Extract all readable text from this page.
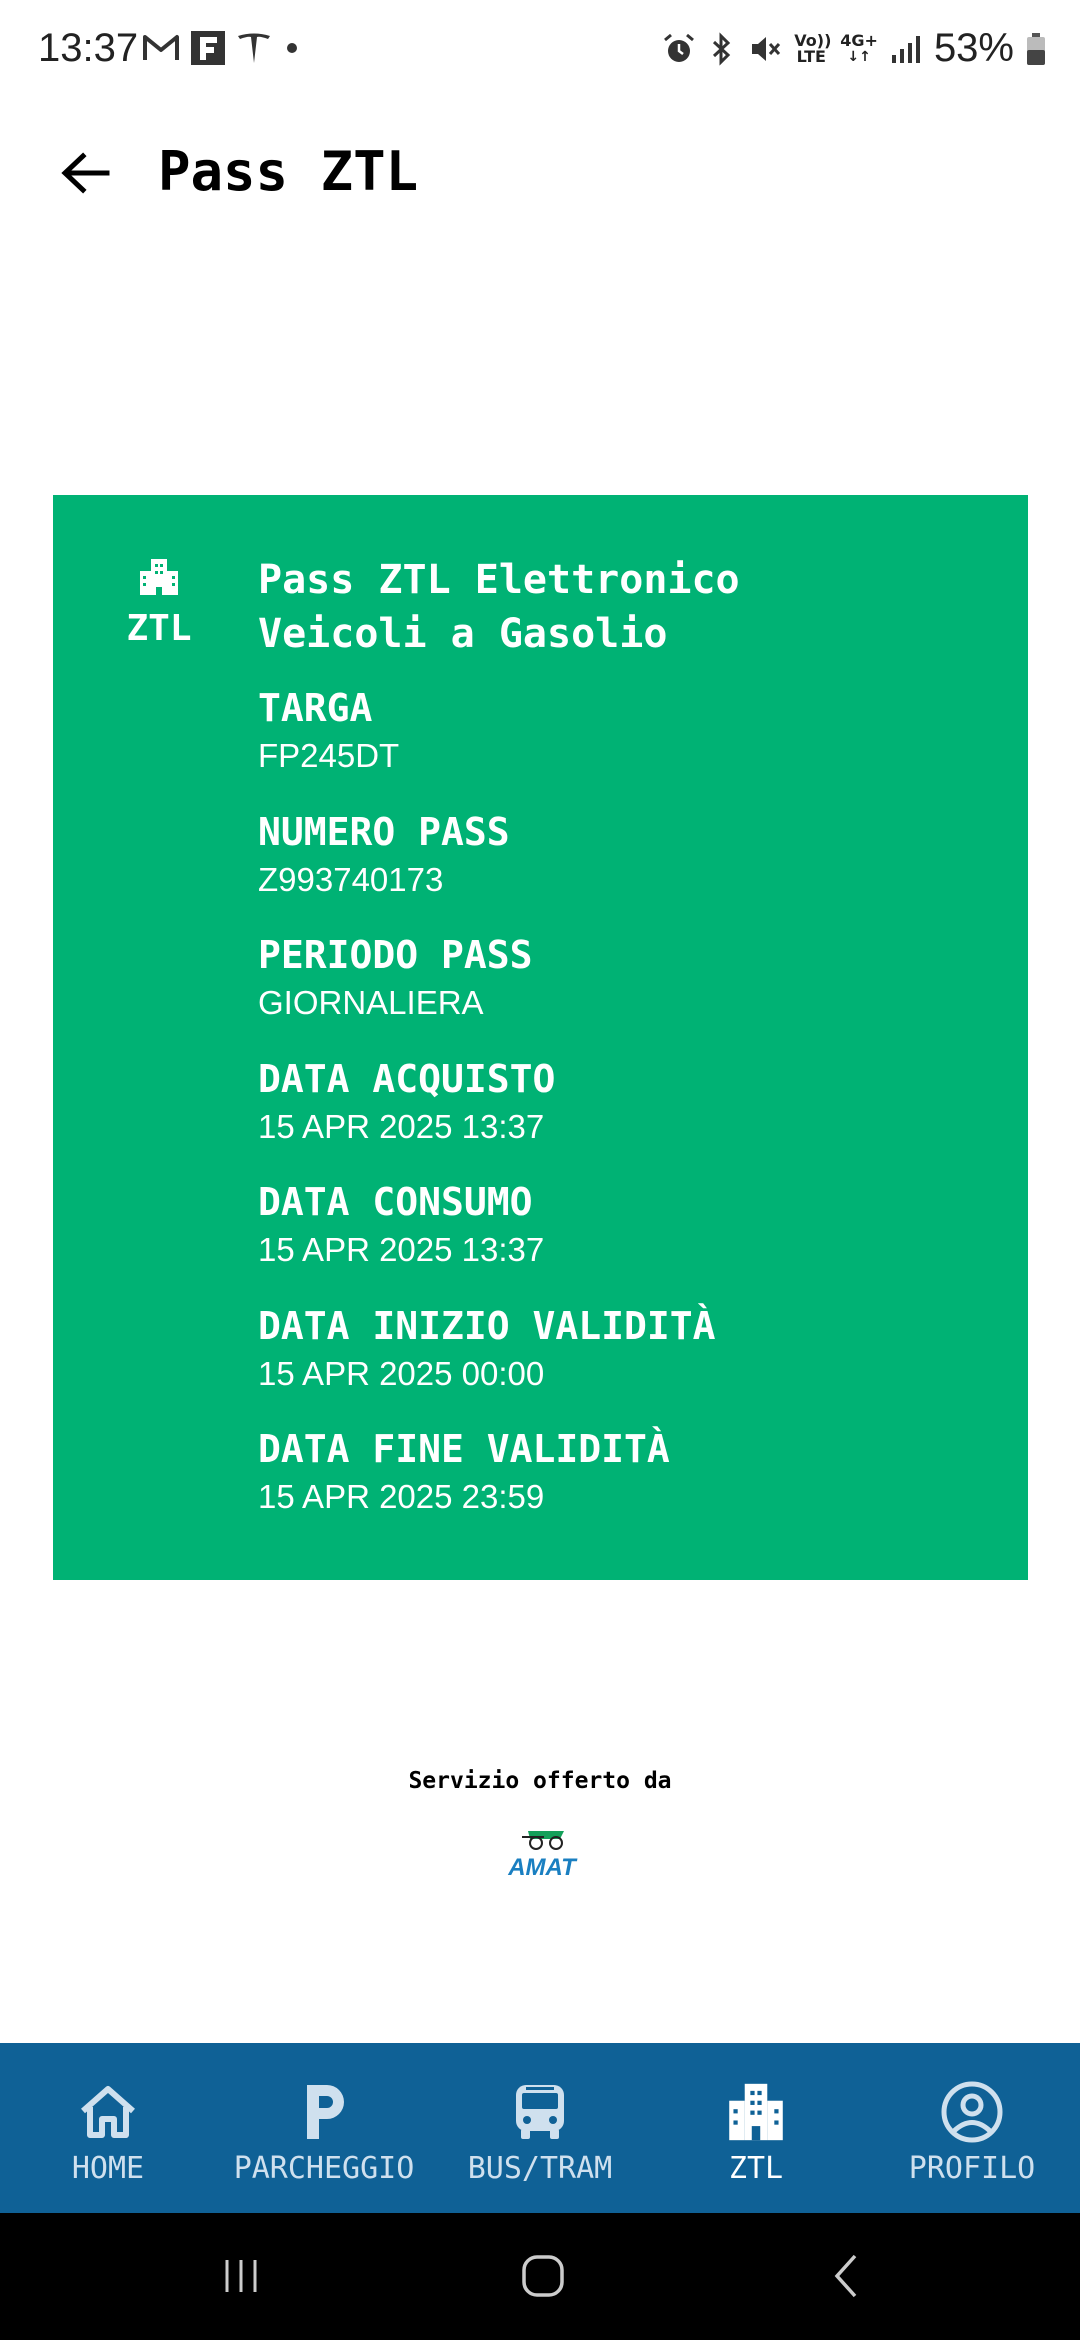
13:37	Vo)) LTE
4G+
↓↑ 53%
Pass ZTL
ZTL
Pass ZTL Elettronico
Veicoli a Gasolio
TARGA
FP245DT
NUMERO PASS
Z993740173
PERIODO PASS
GIORNALIERA
DATA ACQUISTO
15 APR 2025 13:37
DATA CONSUMO
15 APR 2025 13:37
DATA INIZIO VALIDITÀ
15 APR 2025 00:00
DATA FINE VALIDITÀ
15 APR 2025 23:59
Servizio offerto da
AMAT
HOME	PARCHEGGIO BUS/TRAM	ZTL	PROFILO
